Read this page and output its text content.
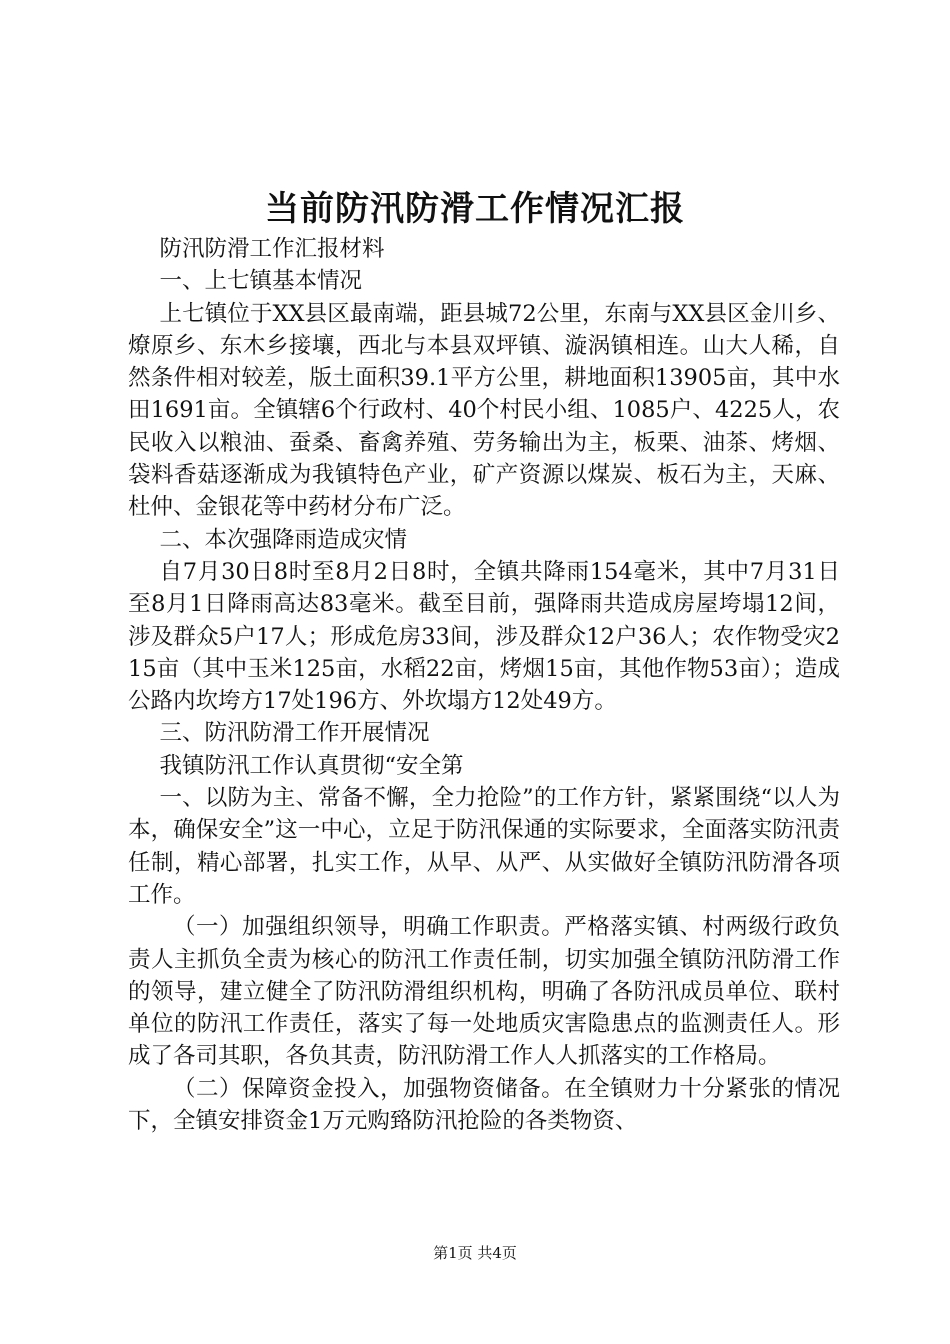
当前防汛防滑工作情况汇报

防汛防滑工作汇报材料

一、上七镇基本情况

上七镇位于XX县区最南端，距县城72公里，东南与XX县区金川乡、燎原乡、东木乡接壤，西北与本县双坪镇、漩涡镇相连。山大人稀，自然条件相对较差，版土面积39.1平方公里，耕地面积13905亩，其中水田1691亩。全镇辖6个行政村、40个村民小组、1085户、4225人，农民收入以粮油、蚕桑、畜禽养殖、劳务输出为主，板栗、油茶、烤烟、袋料香菇逐渐成为我镇特色产业，矿产资源以煤炭、板石为主，天麻、杜仲、金银花等中药材分布广泛。

二、本次强降雨造成灾情

自7月30日8时至8月2日8时，全镇共降雨154毫米，其中7月31日至8月1日降雨高达83毫米。截至目前，强降雨共造成房屋垮塌12间，涉及群众5户17人；形成危房33间，涉及群众12户36人；农作物受灾215亩（其中玉米125亩，水稻22亩，烤烟15亩，其他作物53亩）；造成公路内坎垮方17处196方、外坎塌方12处49方。

三、防汛防滑工作开展情况

我镇防汛工作认真贯彻“安全第

一、以防为主、常备不懈，全力抢险”的工作方针，紧紧围绕“以人为本，确保安全”这一中心，立足于防汛保通的实际要求，全面落实防汛责任制，精心部署，扎实工作，从早、从严、从实做好全镇防汛防滑各项工作。

（一）加强组织领导，明确工作职责。严格落实镇、村两级行政负责人主抓负全责为核心的防汛工作责任制，切实加强全镇防汛防滑工作的领导，建立健全了防汛防滑组织机构，明确了各防汛成员单位、联村单位的防汛工作责任，落实了每一处地质灾害隐患点的监测责任人。形成了各司其职，各负其责，防汛防滑工作人人抓落实的工作格局。

（二）保障资金投入，加强物资储备。在全镇财力十分紧张的情况下，全镇安排资金1万元购臵防汛抢险的各类物资、

第1页 共4页
